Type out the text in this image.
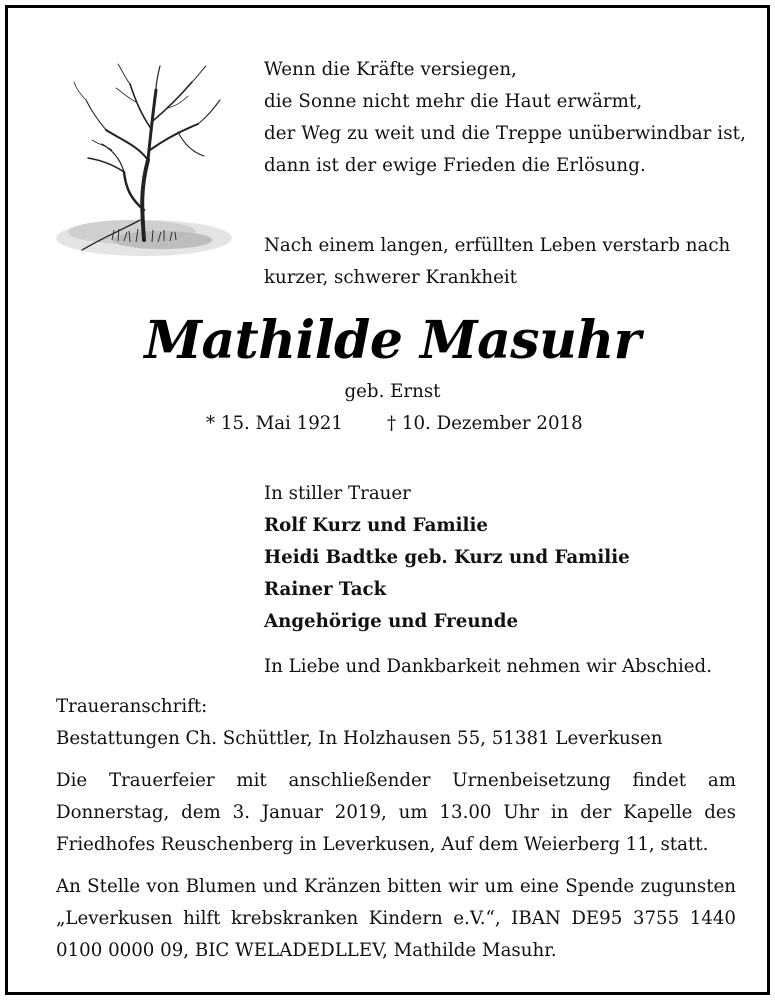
Wenn die Kräfte versiegen,
die Sonne nicht mehr die Haut erwärmt,
der Weg zu weit und die Treppe unüberwindbar ist,
dann ist der ewige Frieden die Erlösung.
Nach einem langen, erfüllten Leben verstarb nach
kurzer, schwerer Krankheit
Mathilde Masuhr
geb. Ernst
* 15. Mai 1921 † 10. Dezember 2018
In stiller Trauer
Rolf Kurz und Familie
Heidi Badtke geb. Kurz und Familie
Rainer Tack
Angehörige und Freunde
In Liebe und Dankbarkeit nehmen wir Abschied.
Traueranschrift:
Bestattungen Ch. Schüttler, In Holzhausen 55, 51381 Leverkusen
Die Trauerfeier mit anschließender Urnenbeisetzung findet am Donnerstag, dem 3. Januar 2019, um 13.00 Uhr in der Kapelle des Friedhofes Reuschenberg in Leverkusen, Auf dem Weierberg 11, statt.
An Stelle von Blumen und Kränzen bitten wir um eine Spende zugunsten „Leverkusen hilft krebskranken Kindern e.V.“, IBAN DE95 3755 1440 0100 0000 09, BIC WELADEDLLEV, Mathilde Masuhr.
